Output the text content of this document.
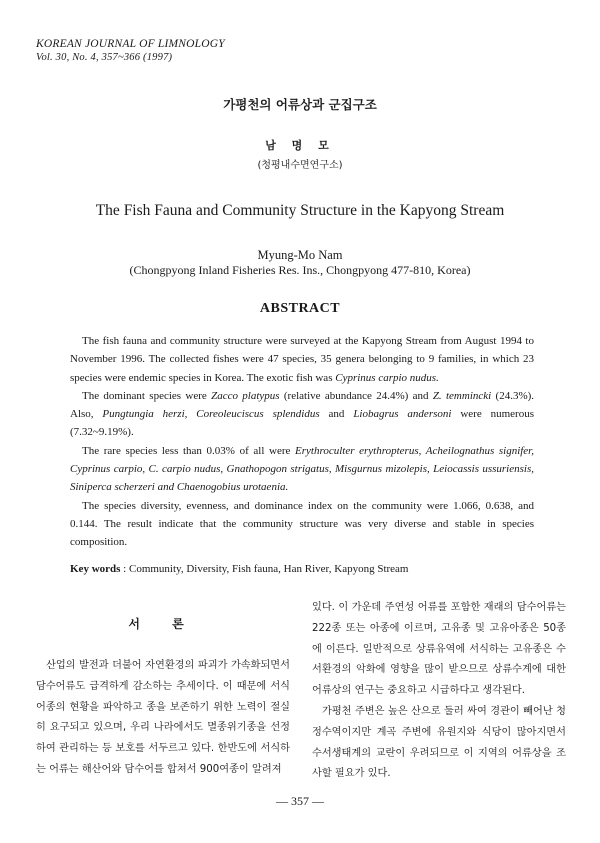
KOREAN JOURNAL OF LIMNOLOGY
Vol. 30, No. 4, 357~366 (1997)
가평천의 어류상과 군집구조
남 명 모
(청평내수면연구소)
The Fish Fauna and Community Structure in the Kapyong Stream
Myung-Mo Nam
(Chongpyong Inland Fisheries Res. Ins., Chongpyong 477-810, Korea)
ABSTRACT

The fish fauna and community structure were surveyed at the Kapyong Stream from August 1994 to November 1996. The collected fishes were 47 species, 35 genera belonging to 9 families, in which 23 species were endemic species in Korea. The exotic fish was Cyprinus carpio nudus.

The dominant species were Zacco platypus (relative abundance 24.4%) and Z. temmincki (24.3%). Also, Pungtungia herzi, Coreoleuciscus splendidus and Liobagrus andersoni were numerous (7.32~9.19%).

The rare species less than 0.03% of all were Erythroculter erythropterus, Acheilognathus signifer, Cyprinus carpio, C. carpio nudus, Gnathopogon strigatus, Misgurnus mizolepis, Leiocassis ussuriensis, Siniperca scherzeri and Chaenogobius urotaenia.

The species diversity, evenness, and dominance index on the community were 1.066, 0.638, and 0.144. The result indicate that the community structure was very diverse and stable in species composition.

Key words : Community, Diversity, Fish fauna, Han River, Kapyong Stream
서 론

산업의 발전과 더불어 자연환경의 파괴가 가속화되면서 담수어류도 급격하게 감소하는 추세이다. 이 때문에 서식 어종의 현황을 파악하고 종을 보존하기 위한 노력이 절실히 요구되고 있으며, 우리 나라에서도 멸종위기종을 선정하여 관리하는 등 보호를 서두르고 있다. 한반도에 서식하는 어류는 해산어와 담수어를 합쳐서 900여종이 알려져

있다. 이 가운데 주연성 어류를 포함한 재래의 담수어류는 222종 또는 아종에 이르며, 고유종 및 고유아종은 50종에 이른다. 일반적으로 상류유역에 서식하는 고유종은 수서환경의 악화에 영향을 많이 받으므로 상류수계에 대한 어류상의 연구는 중요하고 시급하다고 생각된다.

가평천 주변은 높은 산으로 둘러 싸여 경관이 빼어난 청정수역이지만 계곡 주변에 유원지와 식당이 많아지면서 수서생태계의 교란이 우려되므로 이 지역의 어류상을 조사할 필요가 있다.

— 357 —
